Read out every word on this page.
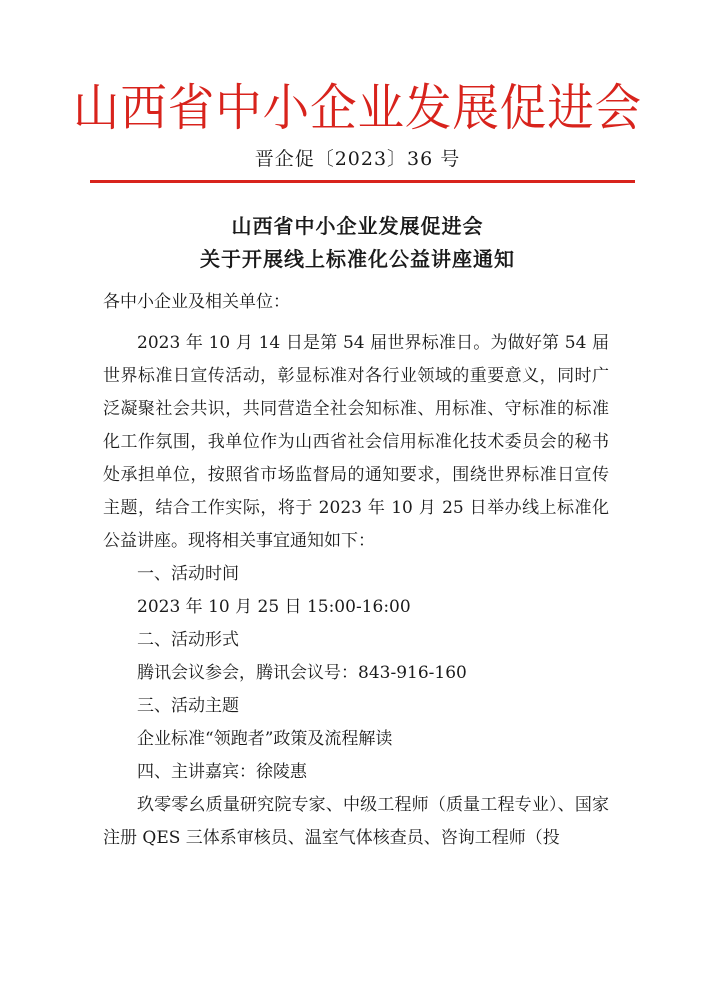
山西省中小企业发展促进会
晋企促〔2023〕36 号
山西省中小企业发展促进会
关于开展线上标准化公益讲座通知

各中小企业及相关单位：

2023 年 10 月 14 日是第 54 届世界标准日。为做好第 54 届世界标准日宣传活动，彰显标准对各行业领域的重要意义，同时广泛凝聚社会共识，共同营造全社会知标准、用标准、守标准的标准化工作氛围，我单位作为山西省社会信用标准化技术委员会的秘书处承担单位，按照省市场监督局的通知要求，围绕世界标准日宣传主题，结合工作实际，将于 2023 年 10 月 25 日举办线上标准化公益讲座。现将相关事宜通知如下：

一、活动时间

2023 年 10 月 25 日 15:00-16:00

二、活动形式

腾讯会议参会，腾讯会议号：843-916-160

三、活动主题

企业标准“领跑者”政策及流程解读

四、主讲嘉宾：徐陵惠

玖零零幺质量研究院专家、中级工程师（质量工程专业）、国家注册 QES 三体系审核员、温室气体核查员、咨询工程师（投
